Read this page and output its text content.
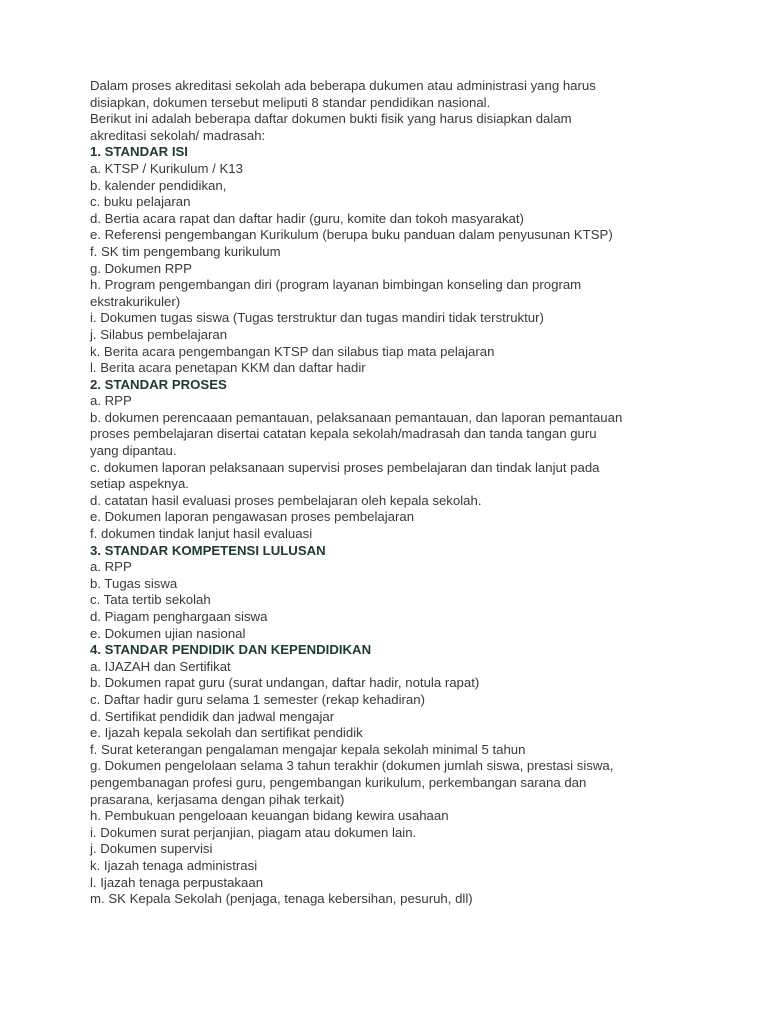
Dalam proses akreditasi sekolah ada beberapa dukumen atau administrasi yang harus

disiapkan, dokumen tersebut meliputi 8 standar pendidikan nasional.

Berikut ini adalah beberapa daftar dokumen bukti fisik yang harus disiapkan dalam

akreditasi sekolah/ madrasah:

1. STANDAR ISI

a. KTSP / Kurikulum / K13

b. kalender pendidikan,

c. buku pelajaran

d. Bertia acara rapat dan daftar hadir (guru, komite dan tokoh masyarakat)

e. Referensi pengembangan Kurikulum (berupa buku panduan dalam penyusunan KTSP)

f. SK tim pengembang kurikulum

g. Dokumen RPP

h. Program pengembangan diri (program layanan bimbingan konseling dan program

ekstrakurikuler)

i. Dokumen tugas siswa (Tugas terstruktur dan tugas mandiri tidak terstruktur)

j. Silabus pembelajaran

k. Berita acara pengembangan KTSP dan silabus tiap mata pelajaran

l. Berita acara penetapan KKM dan daftar hadir

2. STANDAR PROSES

a. RPP

b. dokumen perencaaan pemantauan, pelaksanaan pemantauan, dan laporan pemantauan

proses pembelajaran disertai catatan kepala sekolah/madrasah dan tanda tangan guru

yang dipantau.

c. dokumen laporan pelaksanaan supervisi proses pembelajaran dan tindak lanjut pada

setiap aspeknya.

d. catatan hasil evaluasi proses pembelajaran oleh kepala sekolah.

e. Dokumen laporan pengawasan proses pembelajaran

f. dokumen tindak lanjut hasil evaluasi

3. STANDAR KOMPETENSI LULUSAN

a. RPP

b. Tugas siswa

c. Tata tertib sekolah

d. Piagam penghargaan siswa

e. Dokumen ujian nasional

4. STANDAR PENDIDIK DAN KEPENDIDIKAN

a. IJAZAH dan Sertifikat

b. Dokumen rapat guru (surat undangan, daftar hadir, notula rapat)

c. Daftar hadir guru selama 1 semester (rekap kehadiran)

d. Sertifikat pendidik dan jadwal mengajar

e. Ijazah kepala sekolah dan sertifikat pendidik

f. Surat keterangan pengalaman mengajar kepala sekolah minimal 5 tahun

g. Dokumen pengelolaan selama 3 tahun terakhir (dokumen jumlah siswa, prestasi siswa,

pengembanagan profesi guru, pengembangan kurikulum, perkembangan sarana dan

prasarana, kerjasama dengan pihak terkait)

h. Pembukuan pengeloaan keuangan bidang kewira usahaan

i. Dokumen surat perjanjian, piagam atau dokumen lain.

j. Dokumen supervisi

k. Ijazah tenaga administrasi

l. Ijazah tenaga perpustakaan

m. SK Kepala Sekolah (penjaga, tenaga kebersihan, pesuruh, dll)
